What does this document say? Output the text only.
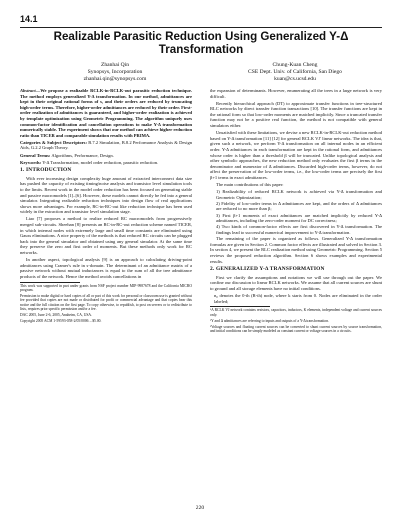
14.1
Realizable Parasitic Reduction Using Generalized Y-Δ
Transformation
Zhanhai Qin
Synopsys, Incorporation
zhanhai.qin@synopsys.com
Chung-Kuan Cheng
CSE Dept. Univ. of California, San Diego
kuan@cs.ucsd.edu

Abstract—We propose a realizable RCLK-in-RCLK-out parasitic reduction technique. The method employs generalized Y-Δ transformation. In our method, admittances are kept in their original rational forms of s, and their orders are reduced by truncating high-order terms. Therefore, higher-order admittances are reduced by their order. First-order realization of admittances is guaranteed, and higher-order realization is achieved by template optimization using Geometric Programming. The algorithm uniquely uses common-factor identification and cancellation operations to make Y-Δ transformation numerically stable. The experiment shows that our method can achieve higher reduction ratio than TICER and comparable simulation results with PRIMA.

Categories & Subject Descriptors: B.7.2 Simulation, B.8.2 Performance Analysis & Design Aids, G.2.2 Graph Theory.

General Terms: Algorithms, Performance, Design.

Keywords: Y-Δ Transformation, model order reduction, parasitic reduction.

1. INTRODUCTION

With ever increasing design complexity huge amount of extracted interconnect data size has pushed the capacity of existing timing/noise analysis and transistor level simulation tools to the limits. Recent work in the model order reduction has been focused on generating stable and passive macromodels [1]–[6]. However, these models cannot directly be fed into a general simulator. Integrating realizable reduction techniques into design flow of real applications shows more advantages. For example, RC-in-RC-out like reduction technique has been used widely in the extraction and transistor level simulation stage.

Liao [7] proposes a method to realize reduced RC macromodels from progressively merged sub-circuits. Sheehan [8] presents an RC-in-RC-out reduction scheme named TICER, in which internal nodes with extremely large and small time constants are eliminated using Gauss eliminations. A nice property of the methods is that reduced RC circuits can be plugged back into the general simulator and obtained using any general simulator. At the same time they preserve the zero and first order of moments. But these methods only work for RC networks.

In another aspect, topological analysis [9] is an approach to calculating driving-point admittances using Cramer's rule in s-domain. The determinant of an admittance matrix of a passive network without mutual inductances is equal to the sum of all the tree admittance products of the network. Hence the method avoids cancellations in

This work was supported in part under grants from NSF project number MIP-9987678 and the California MICRO program.

Permission to make digital or hard copies of all or part of this work for personal or classroom use is granted without fee provided that copies are not made or distributed for profit or commercial advantage and that copies bear this notice and the full citation on the first page. To copy otherwise, to republish, to post on servers or to redistribute to lists, requires prior specific permission and/or a fee.

DAC 2005, June 2-6, 2005, Anaheim, CA, USA.

Copyright 2005 ACM 1-59593-058-2/05/0006 ...$5.00.

the expansion of determinants. However, enumerating all the trees in a large network is very difficult.

Recently hierarchical approach (DT) to approximate transfer functions in tree-structured RLC networks by direct transfer function transactions [10]. The transfer functions are kept in the rational form so that low-order moments are matched implicitly. Since a truncated transfer function may not be a positive real function, the method is not compatible with general simulators either.

Unsatisfied with these limitations, we devise a new RCLK-in-RCLK-out reduction method based on Y-Δ transformation [11] [12] for general RCLK VJ' linear networks. The idea is that, given such a network, we perform Y-Δ transformation on all internal nodes in an efficient order. Y-Δ admittances in each transformation are kept in the rational form, and admittances whose order is higher than a threshold β will be truncated. Unlike topological analysis and other symbolic approaches, the new reduction method only evaluates the first β terms in the denominator and numerator of Δ admittances. Discarded high-order terms, however, do not affect the preservation of the low-order terms, i.e., the low-order terms are precisely the first β+1 terms in exact admittances.

The main contributions of this paper:

1) Realizability of reduced RCLK network is achieved via Y-Δ transformation and Geometric Optimization;
2) Fidelity of low-order terms in Δ admittances are kept, and the orders of Δ admittances are reduced to no more than β;
3) First β+1 moments of exact admittances are matched implicitly by reduced Y-Δ admittances, including the zero-order moment for DC correctness;
4) Two kinds of common-factor effects are first discovered in Y-Δ transformation. The findings lead to successful numerical improvement to Y-Δ transformation.

The remaining of the paper is organized as follows. Generalized Y-Δ transformation formulas are given in Section 2. Common factor effects are illustrated and solved in Section 3. In section 4, we present the RLC realization method using Geometric Programming. Section 5 reviews the proposed reduction algorithm. Section 6 shows examples and experimental results.

2. GENERALIZED Y-Δ TRANSFORMATION

First we clarify the assumptions and notations we will use through out the paper. We confine our discussion to linear RCLK networks. We assume that all current sources are shunt to ground and all storage elements have no initial conditions.

n₀ denotes the 0-th (R-th) node, where k starts from 0. Nodes are eliminated in the order labeled;

¹A RCLK VJ network contains resistors, capacitors, inductors, K elements, independent voltage and current sources only.

²Y and Δ admittances are referring to inputs and outputs of a Y-Δ transformation.

³Voltage sources and floating current sources can be converted to shunt current sources by source transformation, and initial conditions can be simply modeled as constant current or voltage sources in a circuits.

220
